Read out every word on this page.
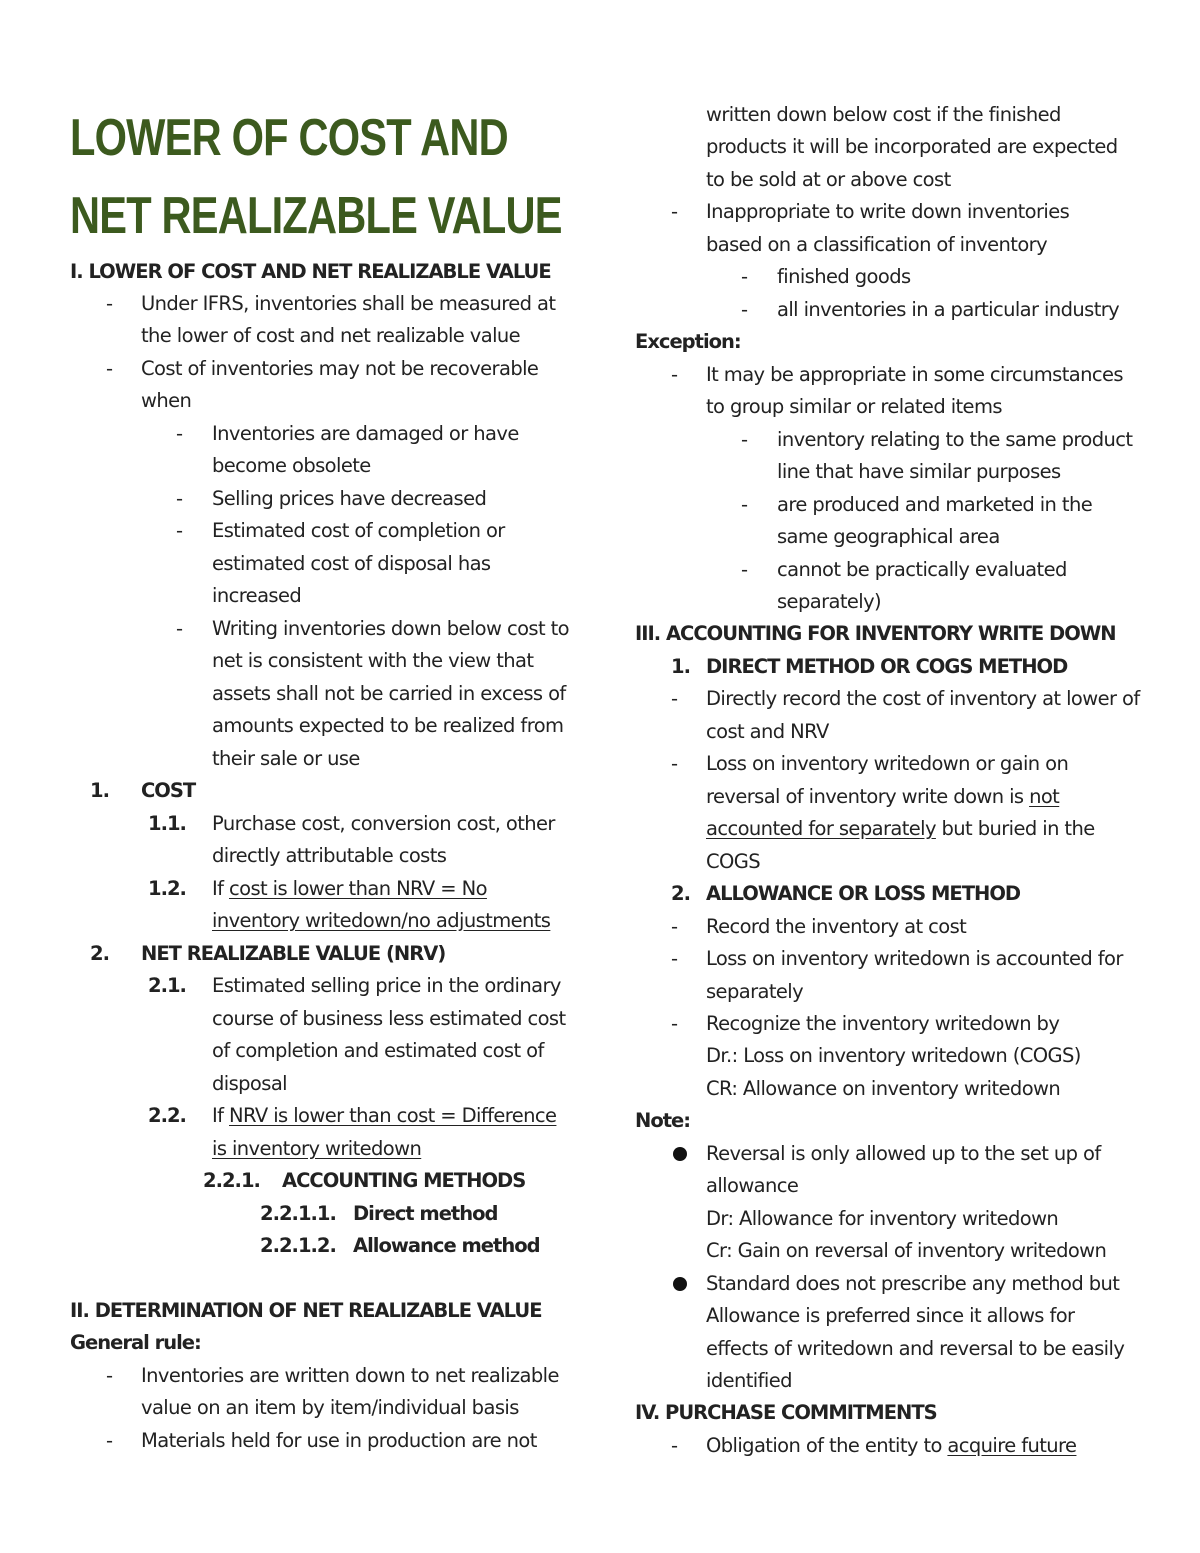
LOWER OF COST AND
NET REALIZABLE VALUE
I. LOWER OF COST AND NET REALIZABLE VALUE
- Under IFRS, inventories shall be measured at
the lower of cost and net realizable value
- Cost of inventories may not be recoverable
when
- Inventories are damaged or have
become obsolete
- Selling prices have decreased
- Estimated cost of completion or
estimated cost of disposal has
increased
- Writing inventories down below cost to
net is consistent with the view that
assets shall not be carried in excess of
amounts expected to be realized from
their sale or use
1. COST
1.1. Purchase cost, conversion cost, other
directly attributable costs
1.2. If cost is lower than NRV = No
inventory writedown/no adjustments
2. NET REALIZABLE VALUE (NRV)
2.1. Estimated selling price in the ordinary
course of business less estimated cost
of completion and estimated cost of
disposal
2.2. If NRV is lower than cost = Difference
is inventory writedown
2.2.1. ACCOUNTING METHODS
2.2.1.1. Direct method
2.2.1.2. Allowance method
II. DETERMINATION OF NET REALIZABLE VALUE
General rule:
- Inventories are written down to net realizable
value on an item by item/individual basis
- Materials held for use in production are not
written down below cost if the finished
products it will be incorporated are expected
to be sold at or above cost
- Inappropriate to write down inventories
based on a classification of inventory
- finished goods
- all inventories in a particular industry
Exception:
- It may be appropriate in some circumstances
to group similar or related items
- inventory relating to the same product
line that have similar purposes
- are produced and marketed in the
same geographical area
- cannot be practically evaluated
separately)
III. ACCOUNTING FOR INVENTORY WRITE DOWN
1. DIRECT METHOD OR COGS METHOD
- Directly record the cost of inventory at lower of
cost and NRV
- Loss on inventory writedown or gain on
reversal of inventory write down is not
accounted for separately but buried in the
COGS
2. ALLOWANCE OR LOSS METHOD
- Record the inventory at cost
- Loss on inventory writedown is accounted for
separately
- Recognize the inventory writedown by
Dr.: Loss on inventory writedown (COGS)
CR: Allowance on inventory writedown
Note:
Reversal is only allowed up to the set up of
allowance
Dr: Allowance for inventory writedown
Cr: Gain on reversal of inventory writedown
Standard does not prescribe any method but
Allowance is preferred since it allows for
effects of writedown and reversal to be easily
identified
IV. PURCHASE COMMITMENTS
- Obligation of the entity to acquire future
